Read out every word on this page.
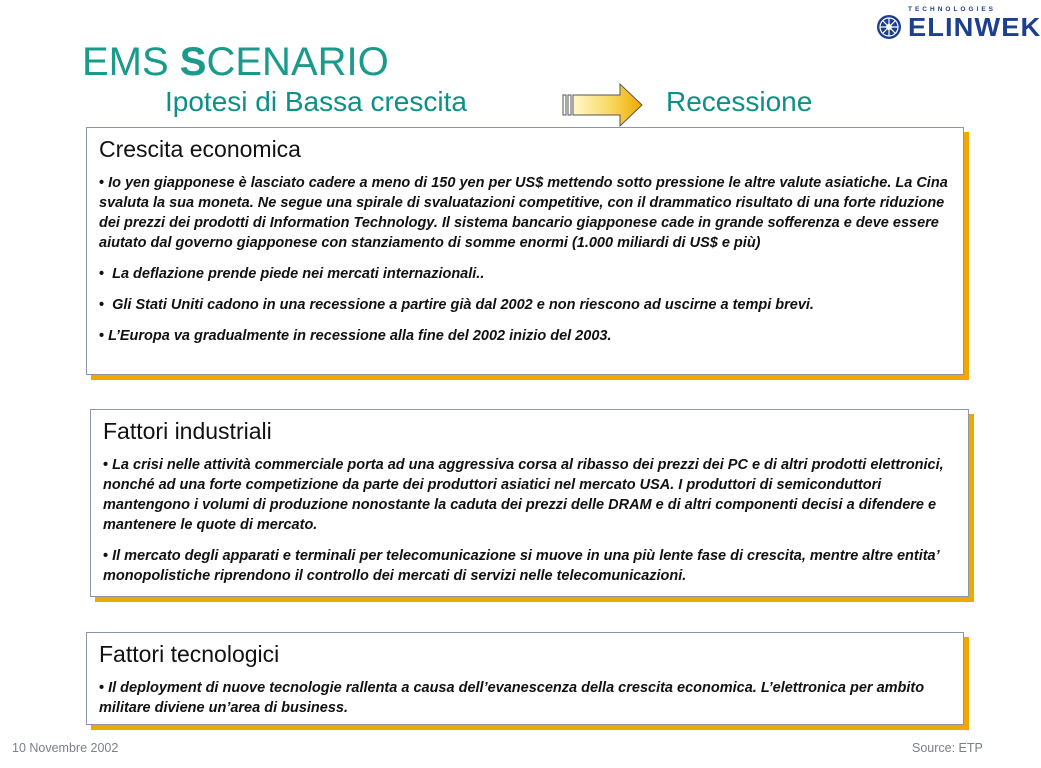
EMS SCENARIO
Ipotesi di Bassa crescita	Recessione
TECHNOLOGIES
ELINWEK
Crescita economica
• Io yen giapponese è lasciato cadere a meno di 150 yen per US$ mettendo sotto pressione le altre valute asiatiche. La Cina svaluta la sua moneta. Ne segue una spirale di svaluatazioni competitive, con il drammatico risultato di una forte riduzione dei prezzi dei prodotti di Information Technology. Il sistema bancario giapponese cade in grande sofferenza e deve essere aiutato dal governo giapponese con stanziamento di somme enormi (1.000 miliardi di US$ e più)
• La deflazione prende piede nei mercati internazionali..
• Gli Stati Uniti cadono in una recessione a partire già dal 2002 e non riescono ad uscirne a tempi brevi.
• L’Europa va gradualmente in recessione alla fine del 2002 inizio del 2003.
Fattori industriali
• La crisi nelle attività commerciale porta ad una aggressiva corsa al ribasso dei prezzi dei PC e di altri prodotti elettronici, nonché ad una forte competizione da parte dei produttori asiatici nel mercato USA. I produttori di semiconduttori mantengono i volumi di produzione nonostante la caduta dei prezzi delle DRAM e di altri componenti decisi a difendere e mantenere le quote di mercato.
• Il mercato degli apparati e terminali per telecomunicazione si muove in una più lente fase di crescita, mentre altre entita’ monopolistiche riprendono il controllo dei mercati di servizi nelle telecomunicazioni.
Fattori tecnologici
• Il deployment di nuove tecnologie rallenta a causa dell’evanescenza della crescita economica. L’elettronica per ambito militare diviene un’area di business.
10 Novembre 2002	Source: ETP
